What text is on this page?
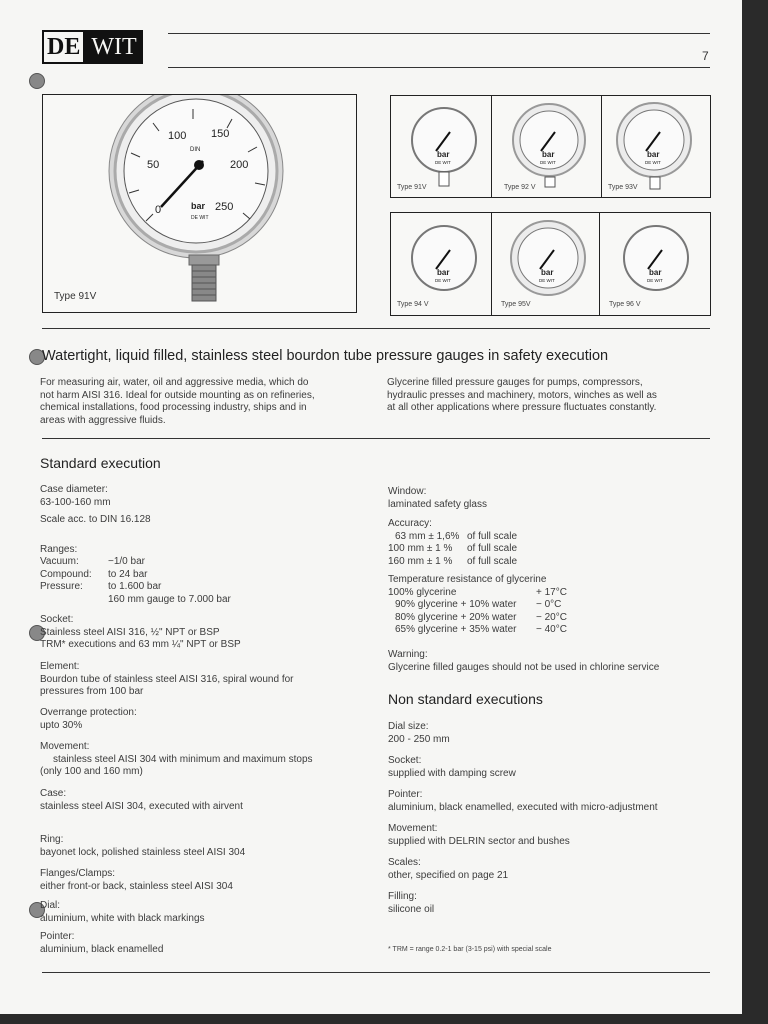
DE WIT	7
100 150
200
250
50
0
DIN
bar
DE WIT
Type 91V
bar
DE WIT
bar
DE WIT
bar
DE WIT
bar
DE WIT
bar
DE WIT
bar
DE WIT
Type 91V	Type 92 V	Type 93V
Type 94 V	Type 95V	Type 96 V
Watertight, liquid filled, stainless steel bourdon tube pressure gauges in safety execution
For measuring air, water, oil and aggressive media, which do
not harm AISI 316. Ideal for outside mounting as on refineries,
chemical installations, food processing industry, ships and in
areas with aggressive fluids.
Glycerine filled pressure gauges for pumps, compressors,
hydraulic presses and machinery, motors, winches as well as
at all other applications where pressure fluctuates constantly.
Standard execution
Case diameter:
63-100-160 mm
Scale acc. to DIN 16.128
Ranges:
Vacuum:	−1/0 bar
Compound:	to 24 bar
Pressure:	to 1.600 bar
	160 mm gauge to 7.000 bar
Socket:
Stainless steel AISI 316, ½" NPT or BSP
TRM* executions and 63 mm ¼" NPT or BSP
Element:
Bourdon tube of stainless steel AISI 316, spiral wound for
pressures from 100 bar
Overrange protection:
upto 30%
Movement:
stainless steel AISI 304 with minimum and maximum stops
(only 100 and 160 mm)
Case:
stainless steel AISI 304, executed with airvent
Ring:
bayonet lock, polished stainless steel AISI 304
Flanges/Clamps:
either front-or back, stainless steel AISI 304
Dial:
aluminium, white with black markings
Pointer:
aluminium, black enamelled
Window:
laminated safety glass
Accuracy:
63 mm ± 1,6%	of full scale
100 mm ± 1 %	of full scale
160 mm ± 1 %	of full scale
Temperature resistance of glycerine
100% glycerine	+ 17°C
90% glycerine + 10% water	− 0°C
80% glycerine + 20% water	− 20°C
65% glycerine + 35% water	− 40°C
Warning:
Glycerine filled gauges should not be used in chlorine service
Non standard executions
Dial size:
200 - 250 mm
Socket:
supplied with damping screw
Pointer:
aluminium, black enamelled, executed with micro-adjustment
Movement:
supplied with DELRIN sector and bushes
Scales:
other, specified on page 21
Filling:
silicone oil
* TRM = range 0.2-1 bar (3-15 psi) with special scale
